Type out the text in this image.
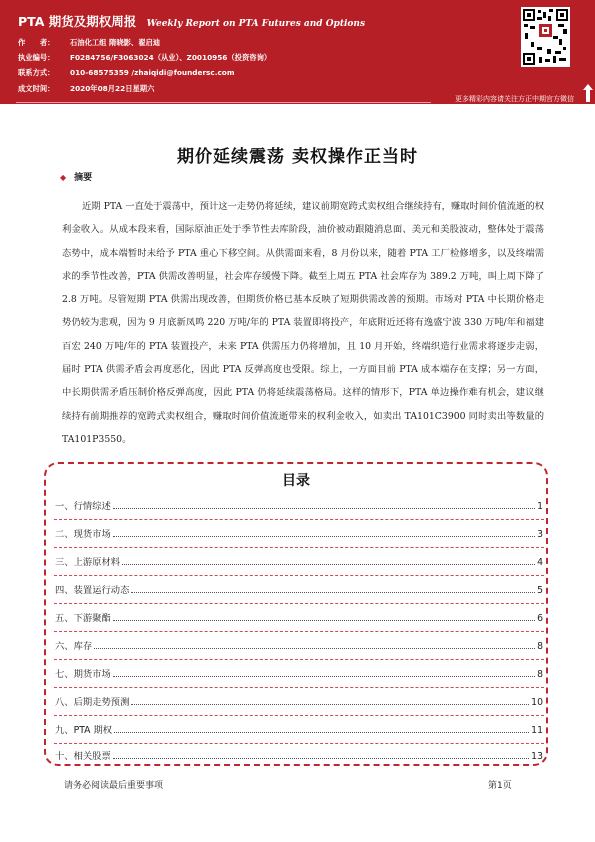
PTA 期货及期权周报 Weekly Report on PTA Futures and Options
作　　者： 石油化工组 隋晓影、翟启迪
执业编号： F0284756/F3063024（从业）、Z0010956（投资咨询）
联系方式： 010-68575359 /zhaiqidi@foundersc.com
成文时间： 2020年08月22日星期六
更多精彩内容请关注方正中期官方微信
期价延续震荡 卖权操作正当时
◆ 摘要

近期 PTA 一直处于震荡中，预计这一走势仍将延续，建议前期宽跨式卖权组合继续持有，赚取时间价值流逝的权利金收入。从成本段来看，国际原油正处于季节性去库阶段，油价被动跟随消息面、美元和美股波动，整体处于震荡态势中，成本端暂时未给予 PTA 重心下移空间。从供需面来看，8 月份以来，随着 PTA 工厂检修增多，以及终端需求的季节性改善，PTA 供需改善明显，社会库存缓慢下降。截至上周五 PTA 社会库存为 389.2 万吨，叫上周下降了 2.8 万吨。尽管短期 PTA 供需出现改善，但期货价格已基本反映了短期供需改善的预期。市场对 PTA 中长期价格走势仍较为悲观，因为 9 月底新凤鸣 220 万吨/年的 PTA 装置即将投产，年底附近还将有逸盛宁波 330 万吨/年和福建百宏 240 万吨/年的 PTA 装置投产，未来 PTA 供需压力仍将增加，且 10 月开始，终端织造行业需求将逐步走弱，届时 PTA 供需矛盾会再度恶化，因此 PTA 反弹高度也受限。综上，一方面目前 PTA 成本端存在支撑；另一方面，中长期供需矛盾压制价格反弹高度，因此 PTA 仍将延续震荡格局。这样的情形下，PTA 单边操作难有机会，建议继续持有前期推荐的宽跨式卖权组合，赚取时间价值流逝带来的权利金收入，如卖出 TA101C3900 同时卖出等数量的 TA101P3550。

目录
一、行情综述	1
二、现货市场	3
三、上游原材料	4
四、装置运行动态	5
五、下游聚酯	6
六、库存	8
七、期货市场	8
八、后期走势预测	10
九、PTA 期权	11
十、相关股票	13
请务必阅读最后重要事项	第1页
